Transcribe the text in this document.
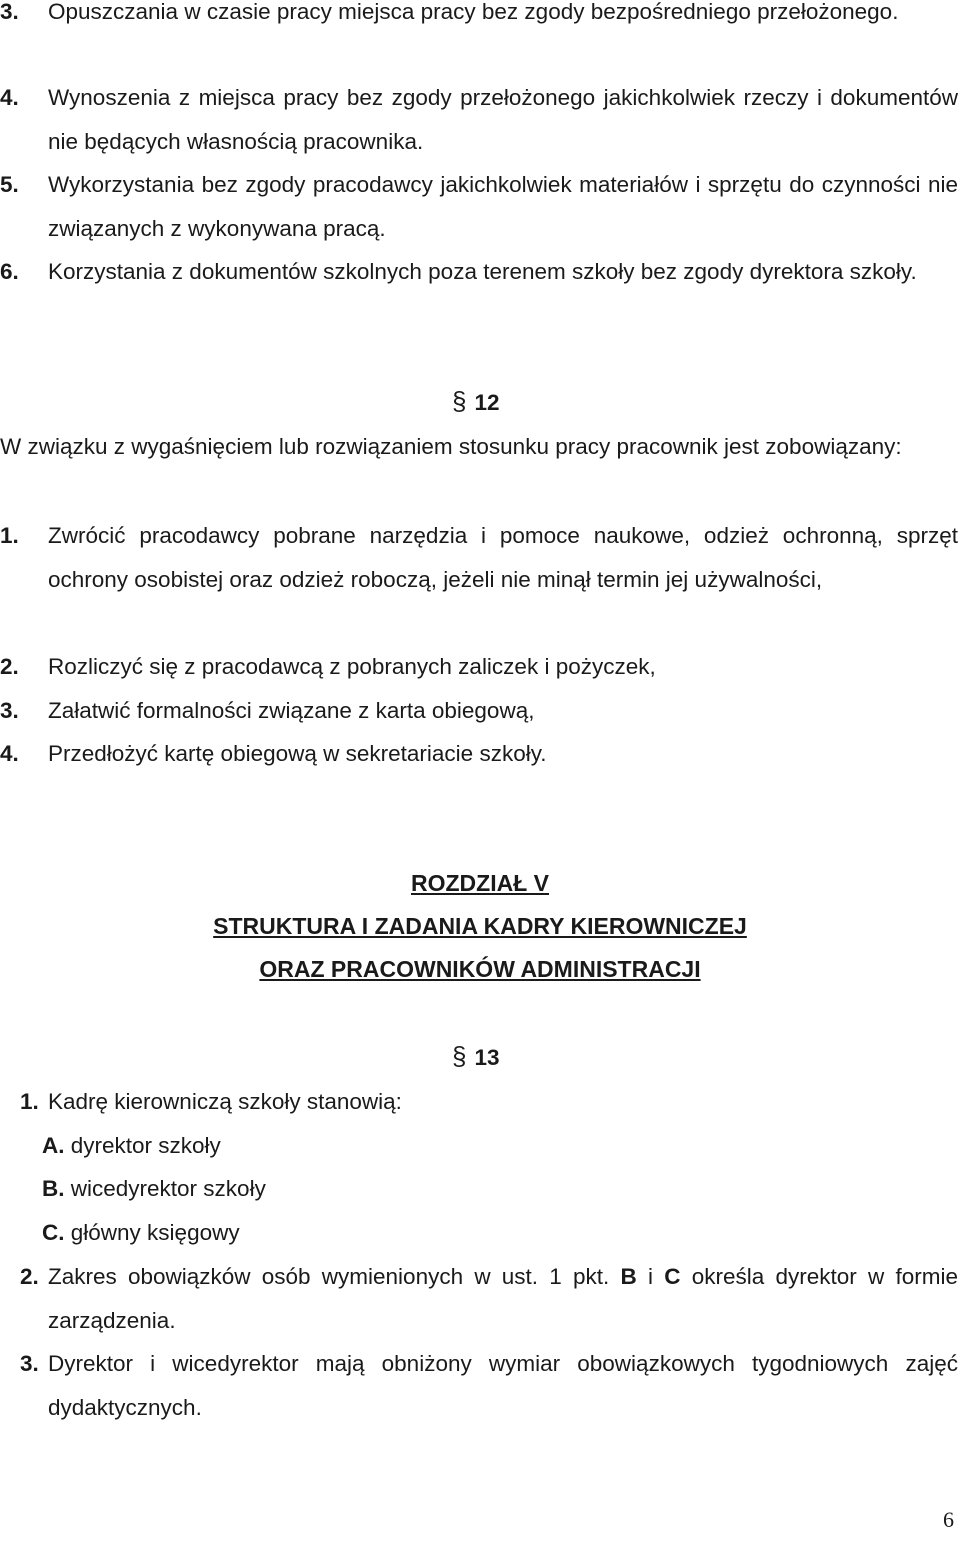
3. Opuszczania w czasie pracy miejsca pracy bez zgody bezpośredniego przełożonego.
4. Wynoszenia z miejsca pracy bez zgody przełożonego jakichkolwiek rzeczy i dokumentów nie będących własnością pracownika.
5. Wykorzystania bez zgody pracodawcy jakichkolwiek materiałów i sprzętu do czynności nie związanych z wykonywana pracą.
6. Korzystania z dokumentów szkolnych poza terenem szkoły bez zgody dyrektora szkoły.
§ 12
W związku z wygaśnięciem lub rozwiązaniem stosunku pracy pracownik jest zobowiązany:
1. Zwrócić pracodawcy pobrane narzędzia i pomoce naukowe, odzież ochronną, sprzęt ochrony osobistej oraz odzież roboczą, jeżeli nie minął termin jej używalności,
2. Rozliczyć się z pracodawcą z pobranych zaliczek i pożyczek,
3. Załatwić formalności związane z karta obiegową,
4. Przedłożyć kartę obiegową w sekretariacie szkoły.
ROZDZIAŁ V
STRUKTURA I ZADANIA KADRY KIEROWNICZEJ
ORAZ PRACOWNIKÓW ADMINISTRACJI
§ 13
1. Kadrę kierowniczą szkoły stanowią:
A. dyrektor szkoły
B. wicedyrektor szkoły
C. główny księgowy
2. Zakres obowiązków osób wymienionych w ust. 1 pkt. B i C określa dyrektor w formie zarządzenia.
3. Dyrektor i wicedyrektor mają obniżony wymiar obowiązkowych tygodniowych zajęć dydaktycznych.
6
